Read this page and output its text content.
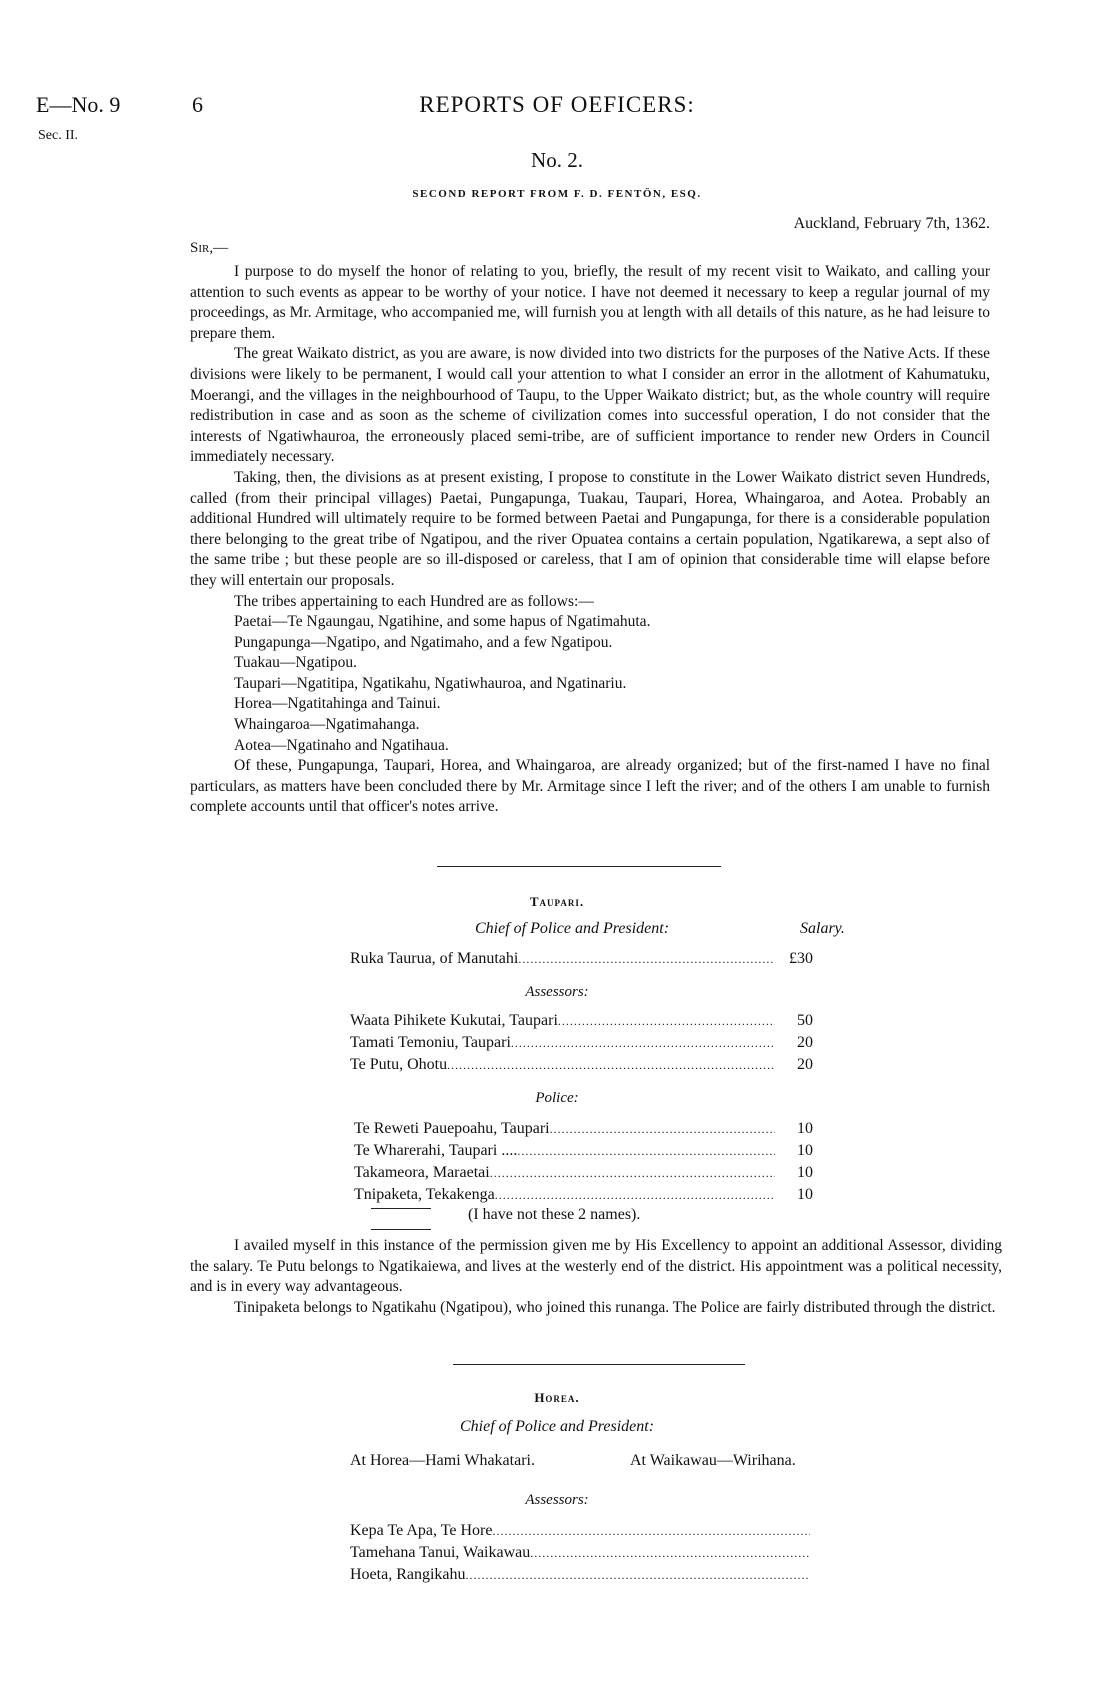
E—No. 9
Sec. II.
6	REPORTS OF OEFICERS:
No. 2.
SECOND REPORT FROM F. D. FENTÖN, ESQ.
Auckland, February 7th, 1362.
Sir,—

I purpose to do myself the honor of relating to you, briefly, the result of my recent visit to Waikato, and calling your attention to such events as appear to be worthy of your notice. I have not deemed it necessary to keep a regular journal of my proceedings, as Mr. Armitage, who accompanied me, will furnish you at length with all details of this nature, as he had leisure to prepare them.

The great Waikato district, as you are aware, is now divided into two districts for the purposes of the Native Acts. If these divisions were likely to be permanent, I would call your attention to what I consider an error in the allotment of Kahumatuku, Moerangi, and the villages in the neighbourhood of Taupu, to the Upper Waikato district; but, as the whole country will require redistribution in case and as soon as the scheme of civilization comes into successful operation, I do not consider that the interests of Ngatiwhauroa, the erroneously placed semi-tribe, are of sufficient importance to render new Orders in Council immediately necessary.

Taking, then, the divisions as at present existing, I propose to constitute in the Lower Waikato district seven Hundreds, called (from their principal villages) Paetai, Pungapunga, Tuakau, Taupari, Horea, Whaingaroa, and Aotea. Probably an additional Hundred will ultimately require to be formed between Paetai and Pungapunga, for there is a considerable population there belonging to the great tribe of Ngatipou, and the river Opuatea contains a certain population, Ngatikarewa, a sept also of the same tribe ; but these people are so ill-disposed or careless, that I am of opinion that considerable time will elapse before they will entertain our proposals.

The tribes appertaining to each Hundred are as follows:—

Paetai—Te Ngaungau, Ngatihine, and some hapus of Ngatimahuta.

Pungapunga—Ngatipo, and Ngatimaho, and a few Ngatipou.

Tuakau—Ngatipou.

Taupari—Ngatitipa, Ngatikahu, Ngatiwhauroa, and Ngatinariu.

Horea—Ngatitahinga and Tainui.

Whaingaroa—Ngatimahanga.

Aotea—Ngatinaho and Ngatihaua.

Of these, Pungapunga, Taupari, Horea, and Whaingaroa, are already organized; but of the first-named I have no final particulars, as matters have been concluded there by Mr. Armitage since I left the river; and of the others I am unable to furnish complete accounts until that officer's notes arrive.

Taupari.
Chief of Police and President:	Salary.
Ruka Taurua, of Manutahi . . .	£30
Assessors:
Waata Pihikete Kukutai, Taupari . . .	50
Tamati Temoniu, Taupari . . .	20
Te Putu, Ohotu . . .	20
Police:
Te Reweti Pauepoahu, Taupari . . .	10
Te Wharerahi, Taupari .... . . .	10
Takameora, Maraetai . . .	10
Tnipaketa, Tekakenga . . .	10
(I have not these 2 names).

I availed myself in this instance of the permission given me by His Excellency to appoint an additional Assessor, dividing the salary. Te Putu belongs to Ngatikaiewa, and lives at the westerly end of the district. His appointment was a political necessity, and is in every way advantageous.

Tinipaketa belongs to Ngatikahu (Ngatipou), who joined this runanga. The Police are fairly distributed through the district.

Horea.
Chief of Police and President:
At Horea—Hami Whakatari.	At Waikawau—Wirihana.
Assessors:
Kepa Te Apa, Te Hore
. . .
Tamehana Tanui, Waikawau
. . .
Hoeta, Rangikahu
. . .
